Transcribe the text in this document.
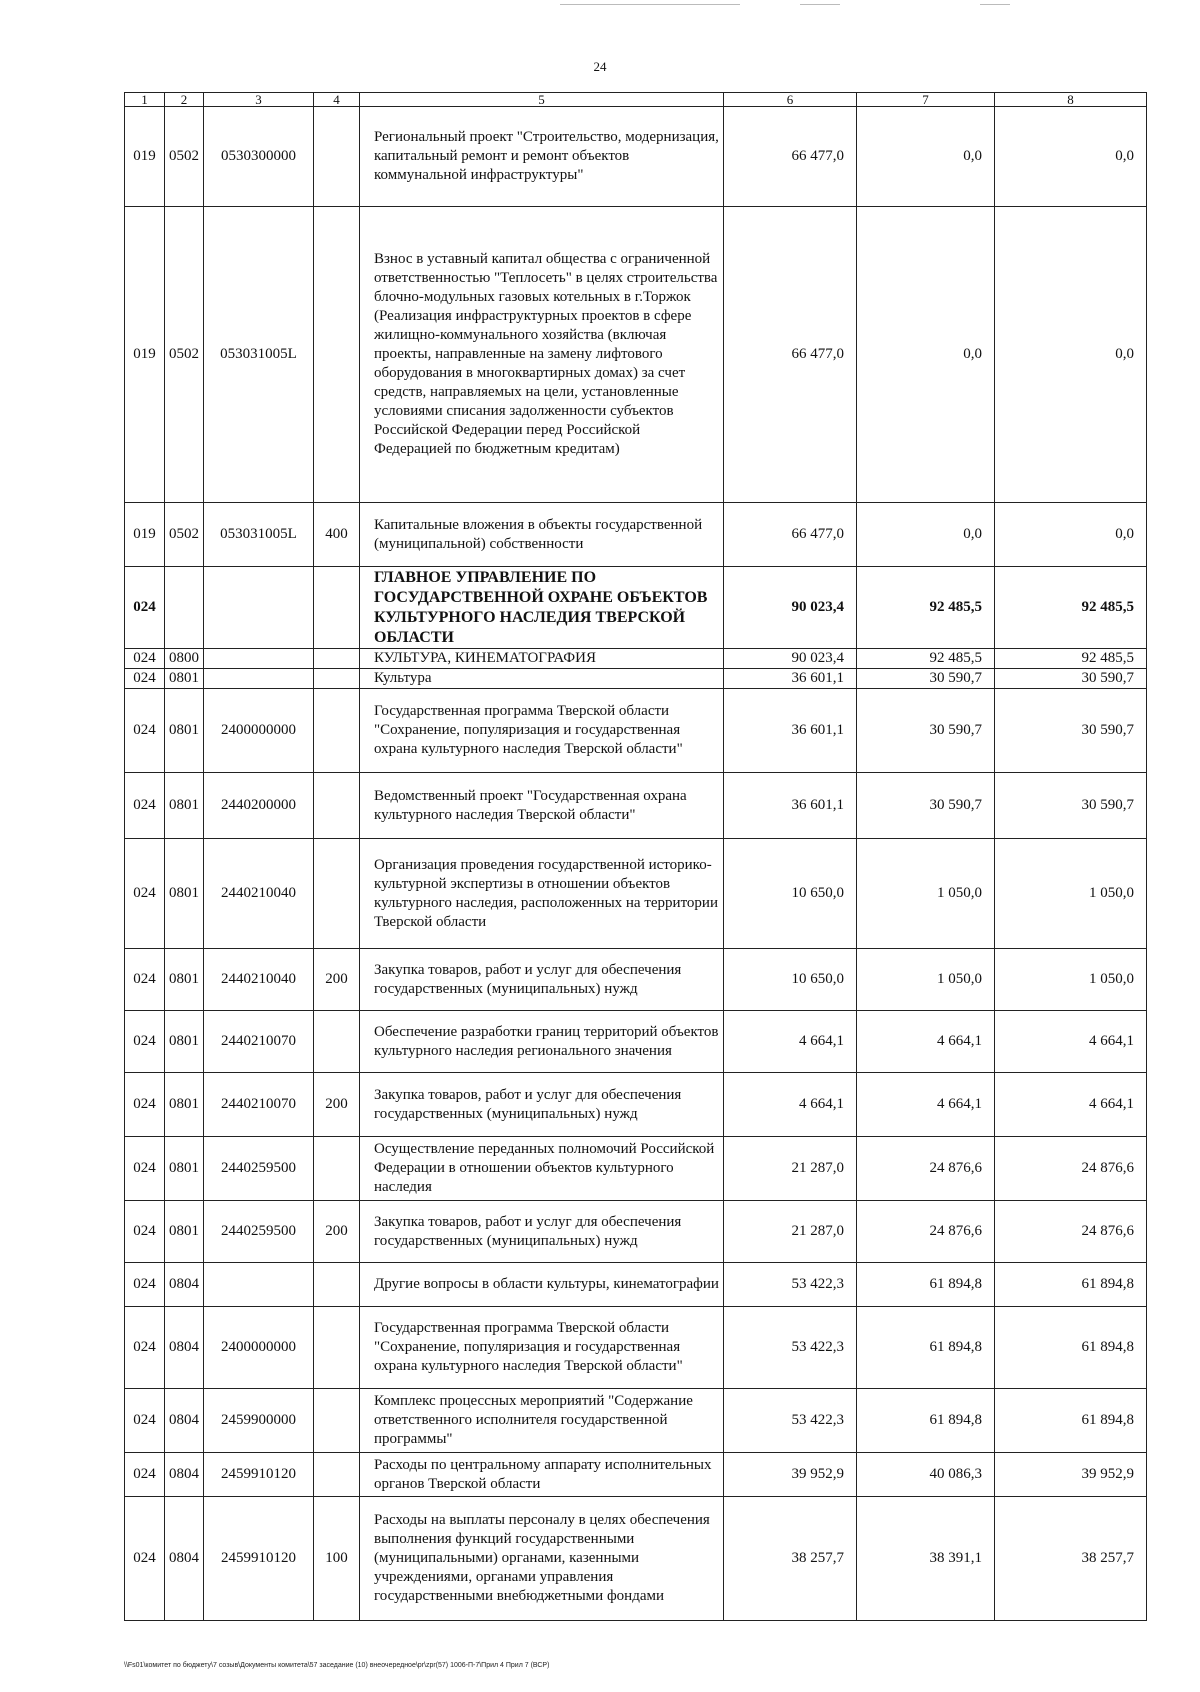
24
1	2	3	4	5	6	7	8
019	0502	0530300000		Региональный проект "Строительство, модернизация, капитальный ремонт и ремонт объектов коммунальной инфраструктуры"	66 477,0	0,0	0,0
019	0502	053031005L		Взнос в уставный капитал общества с ограниченной ответственностью "Теплосеть" в целях строительства блочно-модульных газовых котельных в г.Торжок (Реализация инфраструктурных проектов в сфере жилищно-коммунального хозяйства (включая проекты, направленные на замену лифтового оборудования в многоквартирных домах) за счет средств, направляемых на цели, установленные условиями списания задолженности субъектов Российской Федерации перед Российской Федерацией по бюджетным кредитам)	66 477,0	0,0	0,0
019	0502	053031005L	400	Капитальные вложения в объекты государственной (муниципальной) собственности	66 477,0	0,0	0,0
024				ГЛАВНОЕ УПРАВЛЕНИЕ ПО ГОСУДАРСТВЕННОЙ ОХРАНЕ ОБЪЕКТОВ КУЛЬТУРНОГО НАСЛЕДИЯ ТВЕРСКОЙ ОБЛАСТИ	90 023,4	92 485,5	92 485,5
024	0800			КУЛЬТУРА, КИНЕМАТОГРАФИЯ	90 023,4	92 485,5	92 485,5
024	0801			Культура	36 601,1	30 590,7	30 590,7
024	0801	2400000000		Государственная программа Тверской области "Сохранение, популяризация и государственная охрана культурного наследия Тверской области"	36 601,1	30 590,7	30 590,7
024	0801	2440200000		Ведомственный проект "Государственная охрана культурного наследия Тверской области"	36 601,1	30 590,7	30 590,7
024	0801	2440210040		Организация проведения государственной историко-культурной экспертизы в отношении объектов культурного наследия, расположенных на территории Тверской области	10 650,0	1 050,0	1 050,0
024	0801	2440210040	200	Закупка товаров, работ и услуг для обеспечения государственных (муниципальных) нужд	10 650,0	1 050,0	1 050,0
024	0801	2440210070		Обеспечение разработки границ территорий объектов культурного наследия регионального значения	4 664,1	4 664,1	4 664,1
024	0801	2440210070	200	Закупка товаров, работ и услуг для обеспечения государственных (муниципальных) нужд	4 664,1	4 664,1	4 664,1
024	0801	2440259500		Осуществление переданных полномочий Российской Федерации в отношении объектов культурного наследия	21 287,0	24 876,6	24 876,6
024	0801	2440259500	200	Закупка товаров, работ и услуг для обеспечения государственных (муниципальных) нужд	21 287,0	24 876,6	24 876,6
024	0804			Другие вопросы в области культуры, кинематографии	53 422,3	61 894,8	61 894,8
024	0804	2400000000		Государственная программа Тверской области "Сохранение, популяризация и государственная охрана культурного наследия Тверской области"	53 422,3	61 894,8	61 894,8
024	0804	2459900000		Комплекс процессных мероприятий "Содержание ответственного исполнителя государственной программы"	53 422,3	61 894,8	61 894,8
024	0804	2459910120		Расходы по центральному аппарату исполнительных органов Тверской области	39 952,9	40 086,3	39 952,9
024	0804	2459910120	100	Расходы на выплаты персоналу в целях обеспечения выполнения функций государственными (муниципальными) органами, казенными учреждениями, органами управления государственными внебюджетными фондами	38 257,7	38 391,1	38 257,7
\\Fs01\комитет по бюджету\7 созыв\Документы комитета\57 заседание (10) внеочередное\pr\zpr(57) 1006-П-7\Прил 4 Прил 7 (ВСР)
